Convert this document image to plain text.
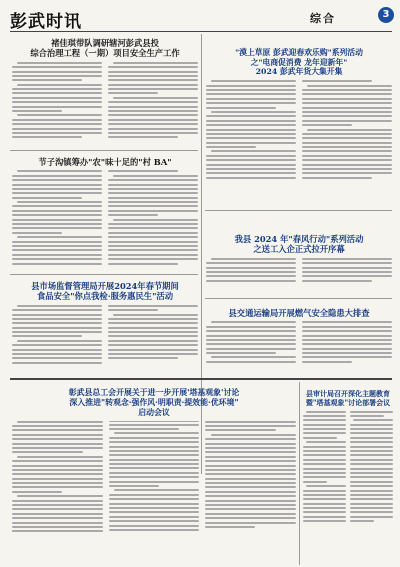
彭武时讯	综合	3
褚佳琪带队调研辖河彭武县投
综合治理工程（一期）项目安全生产工作
节子沟镇筹办"农"味十足的"村 BA"
县市场监督管理局开展2024年春节期间
食品安全"你点我检·服务惠民生"活动
"漠上草原 彭武迎春欢乐购"系列活动
之"电商促消费 龙年迎新年"
2024 彭武年货大集开集
我县 2024 年"春风行动"系列活动
之送工入企正式拉开序幕
县交通运输局开展燃气安全隐患大排查
彰武县总工会开展关于进一步开展'塔基观象'讨论
深入推进"转观念·强作风·明职责·提效能·优环境"
启动会议
县审计局召开深化主题教育
暨"塔基观象"讨论部署会议
